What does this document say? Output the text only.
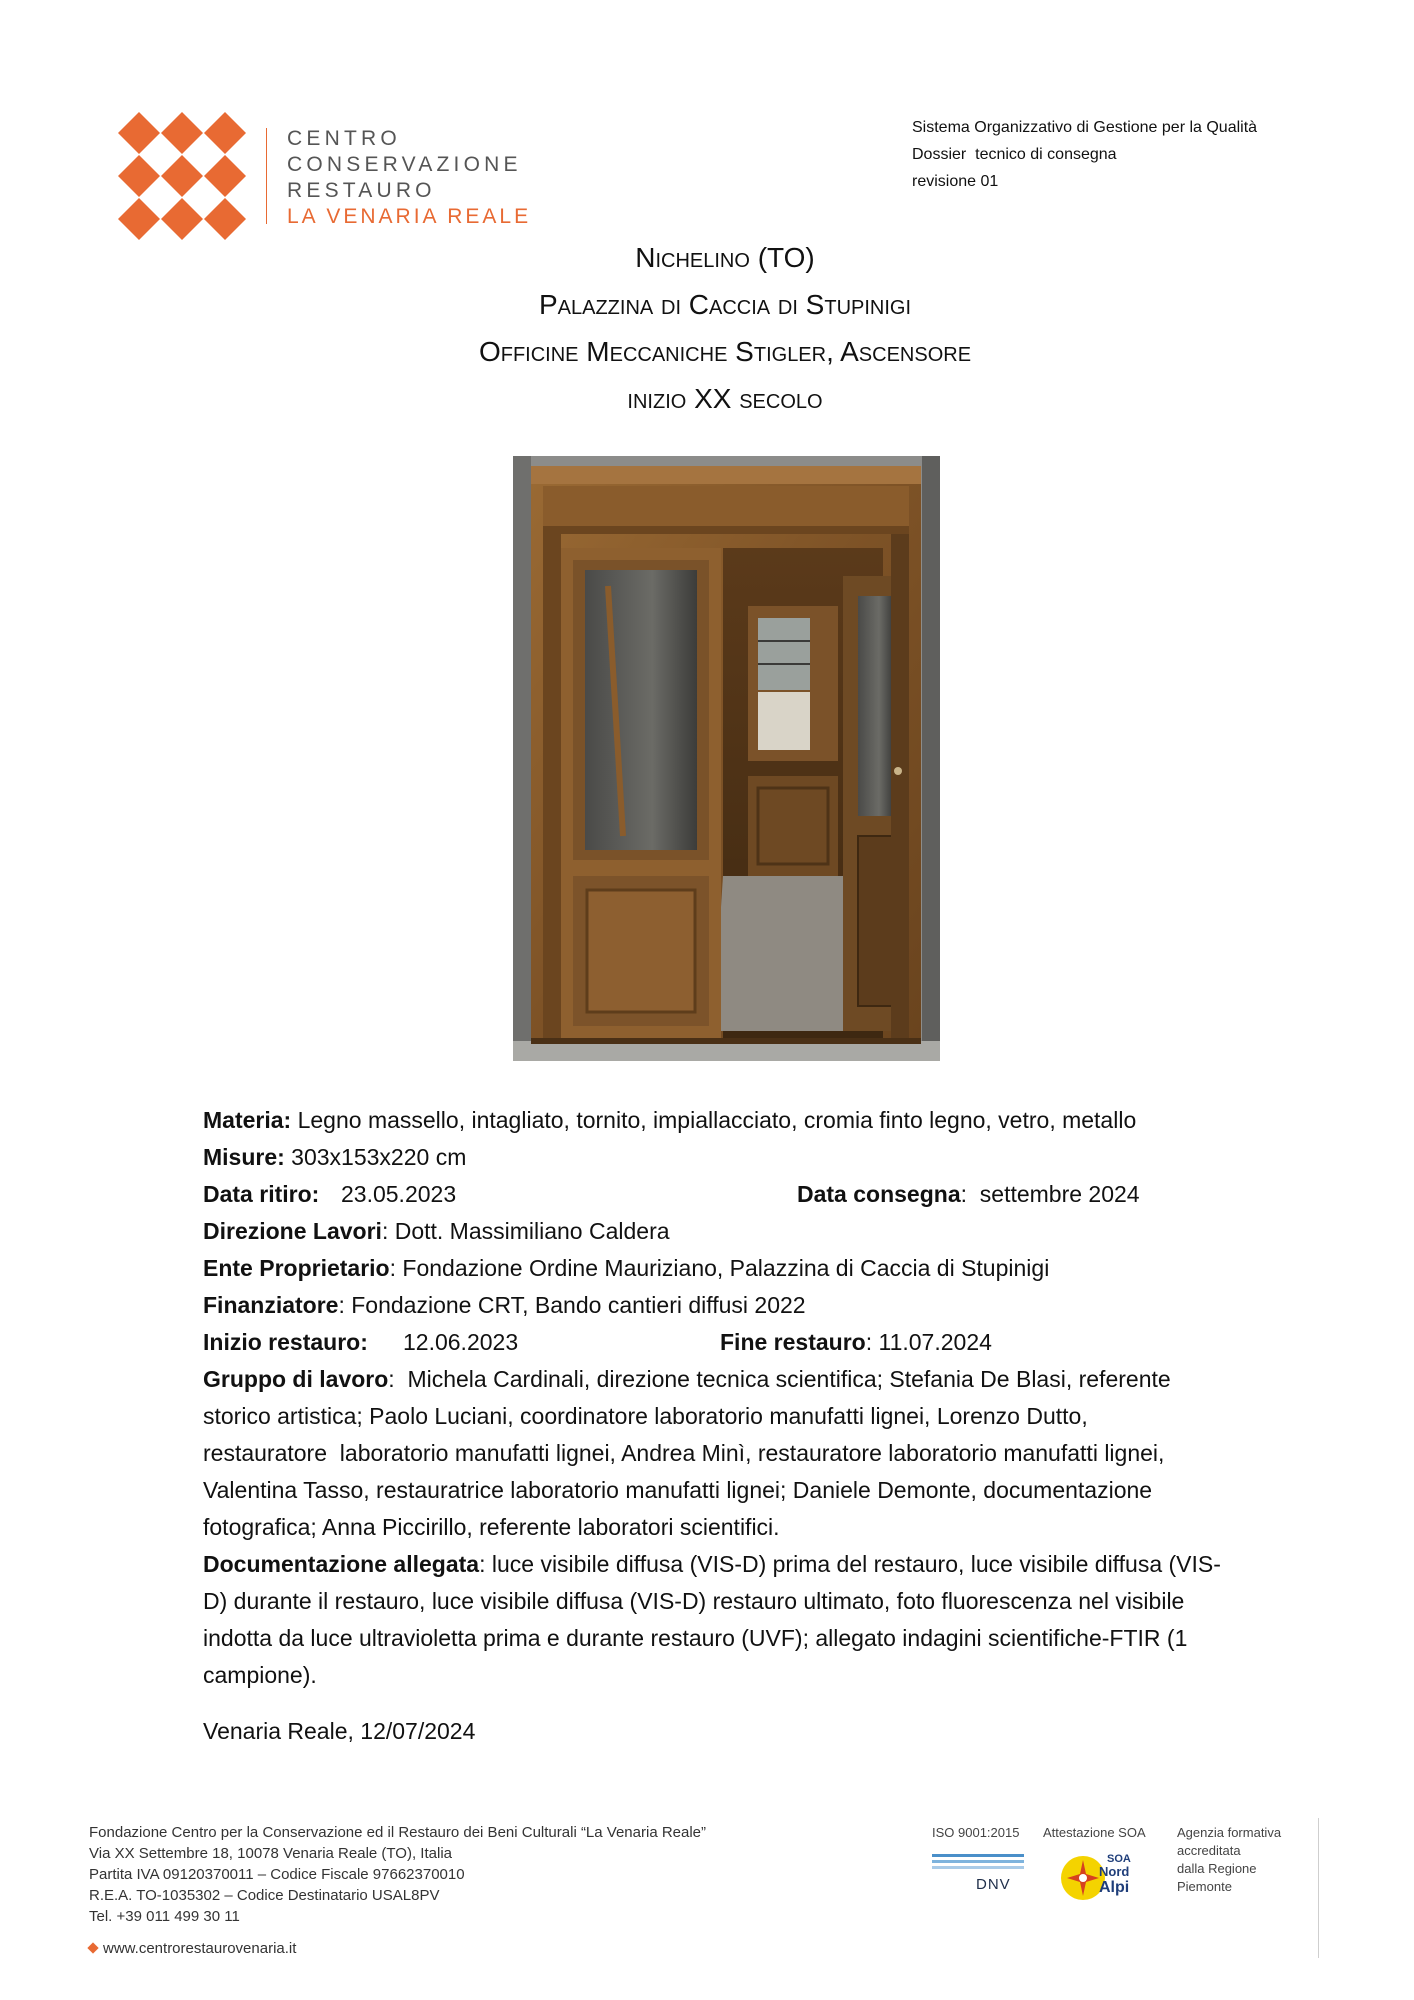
CENTRO
CONSERVAZIONE
RESTAURO
LA VENARIA REALE
Sistema Organizzativo di Gestione per la Qualità
Dossier  tecnico di consegna
revisione 01
Nichelino (TO)
Palazzina di Caccia di Stupinigi
Officine Meccaniche Stigler, Ascensore
inizio XX secolo
Materia: Legno massello, intagliato, tornito, impiallacciato, cromia finto legno, vetro, metallo
Misure: 303x153x220 cm
Data ritiro: 23.05.2023	Data consegna:  settembre 2024
Direzione Lavori: Dott. Massimiliano Caldera
Ente Proprietario: Fondazione Ordine Mauriziano, Palazzina di Caccia di Stupinigi
Finanziatore: Fondazione CRT, Bando cantieri diffusi 2022
Inizio restauro: 12.06.2023	Fine restauro: 11.07.2024
Gruppo di lavoro:  Michela Cardinali, direzione tecnica scientifica; Stefania De Blasi, referente
storico artistica; Paolo Luciani, coordinatore laboratorio manufatti lignei, Lorenzo Dutto,
restauratore  laboratorio manufatti lignei, Andrea Minì, restauratore laboratorio manufatti lignei,
Valentina Tasso, restauratrice laboratorio manufatti lignei; Daniele Demonte, documentazione
fotografica; Anna Piccirillo, referente laboratori scientifici.
Documentazione allegata: luce visibile diffusa (VIS-D) prima del restauro, luce visibile diffusa (VIS-
D) durante il restauro, luce visibile diffusa (VIS-D) restauro ultimato, foto fluorescenza nel visibile
indotta da luce ultravioletta prima e durante restauro (UVF); allegato indagini scientifiche-FTIR (1
campione).
Venaria Reale, 12/07/2024
Fondazione Centro per la Conservazione ed il Restauro dei Beni Culturali “La Venaria Reale”
Via XX Settembre 18, 10078 Venaria Reale (TO), Italia
Partita IVA 09120370011 – Codice Fiscale 97662370010
R.E.A. TO-1035302 – Codice Destinatario USAL8PV
Tel. +39 011 499 30 11
www.centrorestaurovenaria.it
ISO 9001:2015
DNV
Attestazione SOA
SOA
Nord
Alpi
Agenzia formativa
accreditata
dalla Regione
Piemonte
